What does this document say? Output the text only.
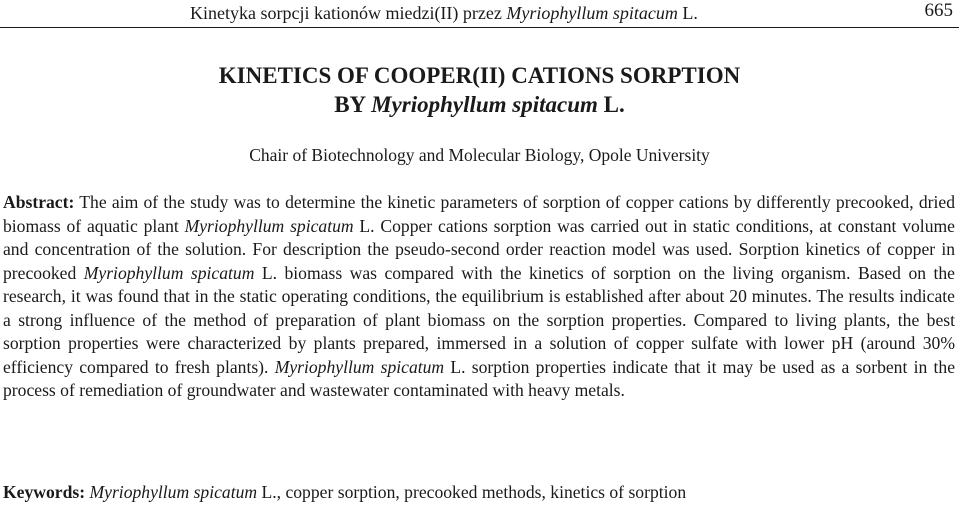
Kinetyka sorpcji kationów miedzi(II) przez Myriophyllum spitacum L.	665
KINETICS OF COOPER(II) CATIONS SORPTION
BY Myriophyllum spitacum L.
Chair of Biotechnology and Molecular Biology, Opole University
Abstract: The aim of the study was to determine the kinetic parameters of sorption of copper cations by differently precooked, dried biomass of aquatic plant Myriophyllum spicatum L. Copper cations sorption was carried out in static conditions, at constant volume and concentration of the solution. For description the pseudo-second order reaction model was used. Sorption kinetics of copper in precooked Myriophyllum spicatum L. biomass was compared with the kinetics of sorption on the living organism. Based on the research, it was found that in the static operating conditions, the equilibrium is established after about 20 minutes. The results indicate a strong influence of the method of preparation of plant biomass on the sorption properties. Compared to living plants, the best sorption properties were characterized by plants prepared, immersed in a solution of copper sulfate with lower pH (around 30% efficiency compared to fresh plants). Myriophyllum spicatum L. sorption properties indicate that it may be used as a sorbent in the process of remediation of groundwater and wastewater contaminated with heavy metals.
Keywords: Myriophyllum spicatum L., copper sorption, precooked methods, kinetics of sorption
